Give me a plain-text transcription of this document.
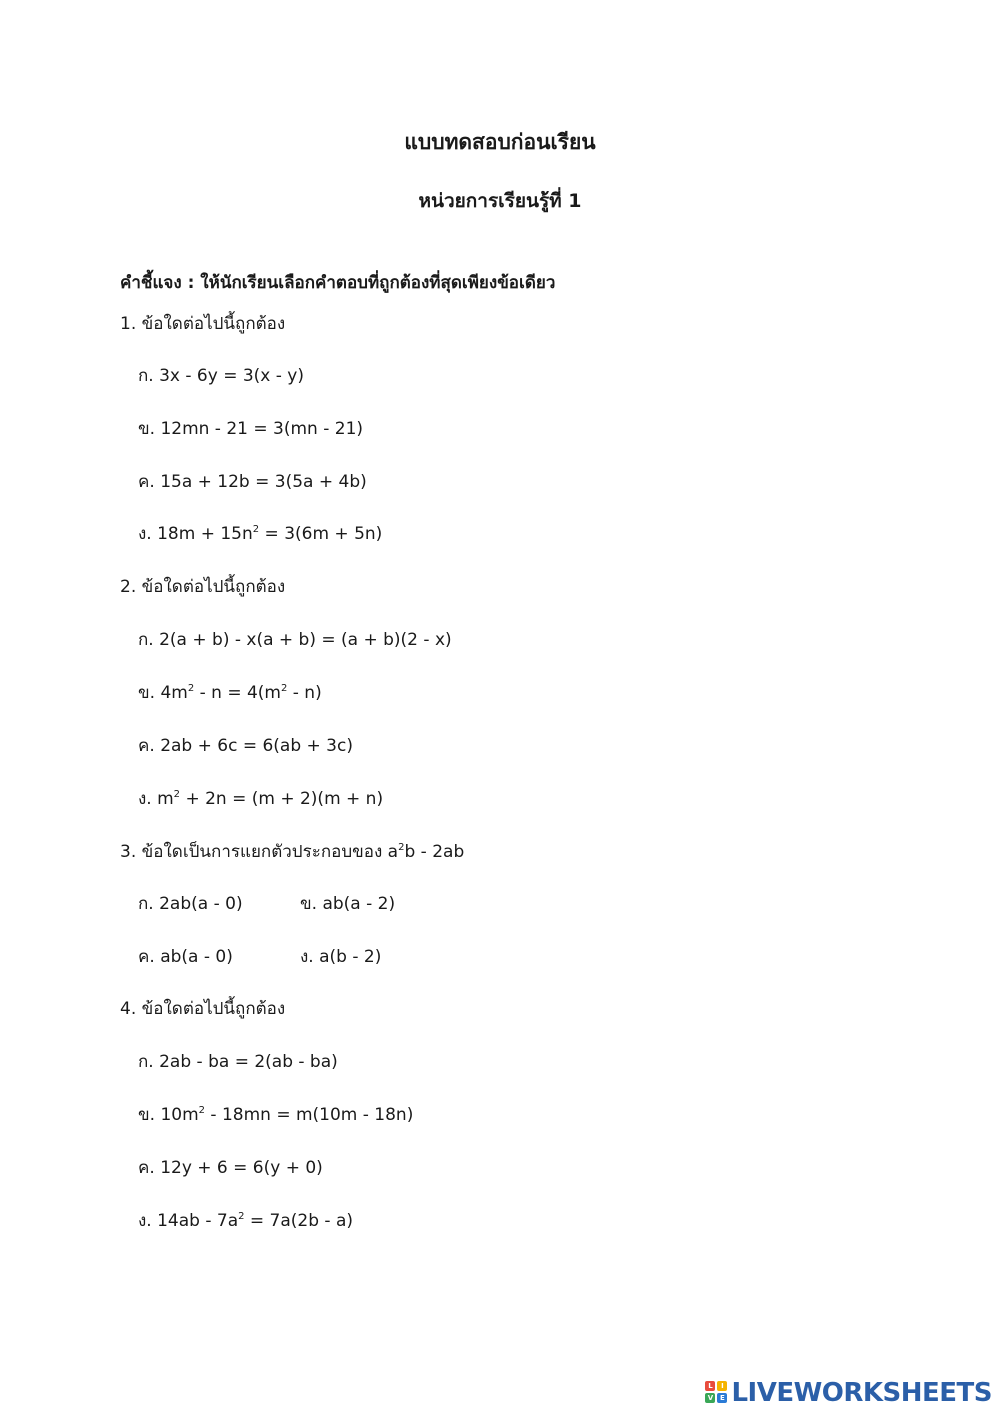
แบบทดสอบก่อนเรียน
หน่วยการเรียนรู้ที่ 1
คำชี้แจง : ให้นักเรียนเลือกคำตอบที่ถูกต้องที่สุดเพียงข้อเดียว
1. ข้อใดต่อไปนี้ถูกต้อง
ก. 3x - 6y = 3(x - y)
ข. 12mn - 21 = 3(mn - 21)
ค. 15a + 12b = 3(5a + 4b)
ง. $18m + 15n^2 = 3(6m + 5n)$
2. ข้อใดต่อไปนี้ถูกต้อง
ก. 2(a + b) - x(a + b) = (a + b)(2 - x)
ข. $4m^2 - n = 4(m^2 - n)$
ค. 2ab + 6c = 6(ab + 3c)
ง. $m^2 + 2n = (m + 2)(m + n)$
3. ข้อใดเป็นการแยกตัวประกอบของ $a^2b - 2ab$
ก. 2ab(a - 0)	ข. ab(a - 2)
ค. ab(a - 0)	ง. a(b - 2)
4. ข้อใดต่อไปนี้ถูกต้อง
ก. 2ab - ba = 2(ab - ba)
ข. $10m^2 - 18mn = m(10m - 18n)$
ค. 12y + 6 = 6(y + 0)
ง. $14ab - 7a^2 = 7a(2b - a)$
L	I
V E LIVEWORKSHEETS
